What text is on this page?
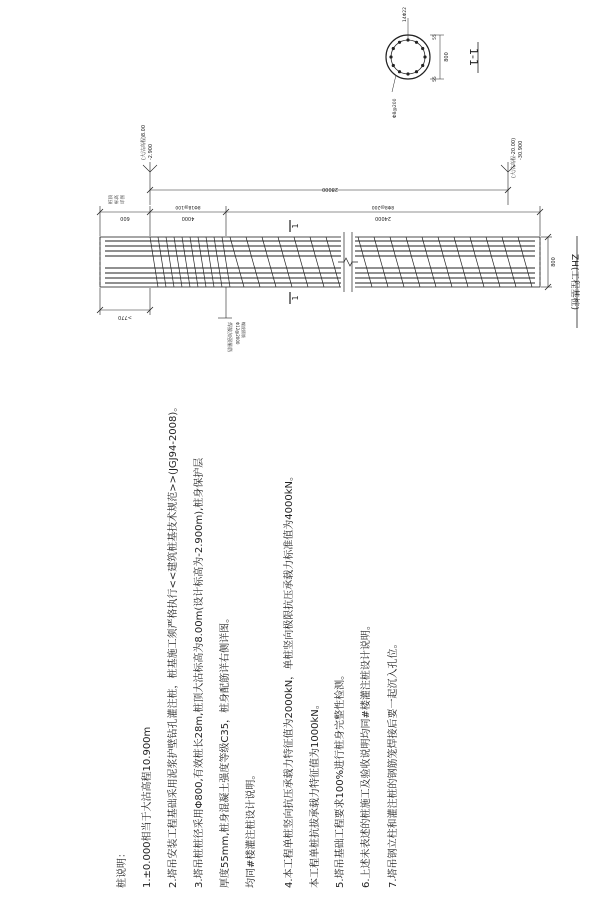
桩说明： 1.±0.000相当于大沽高程10.900m 2.塔吊安装工程基础采用泥浆护壁钻孔灌注桩，桩基施工须严格执行<<建筑桩基技术规范>>(JGJ94-2008)。 3.塔吊桩桩径采用Φ800,有效桩长28m,桩顶大沽标高为8.00m(设计标高为-2.900m),桩身保护层 厚度55mm,桩身混凝土强度等级C35，桩身配筋详右侧详图。 均同#楼灌注桩设计说明。	4.本工程单桩竖向抗压承载力特征值为2000kN，单桩竖向极限抗压承载力标准值为4000kN。 本工程单桩抗拔承载力特征值为1000kN。 5.塔吊基础工程要求100%进行桩身完整性检测。 6.上述未表述的桩施工及验收说明均同#楼灌注桩设计说明。 7.塔吊钢立柱和灌注桩的钢筋笼焊接后要一起沉入孔位。
(大沽高程)8.00 -2.900	(大沽高程-20.00) -30.900
28000
600	4000	24000
8Φ18@100	8Φ8@200
桩顶 标高 详图
1
1
800
>770
焊接加强箍筋 Φ12@2000 螺旋箍筋
ZH(工程基桩)
14Φ22
Φ8@200
800
55
55
1-1
